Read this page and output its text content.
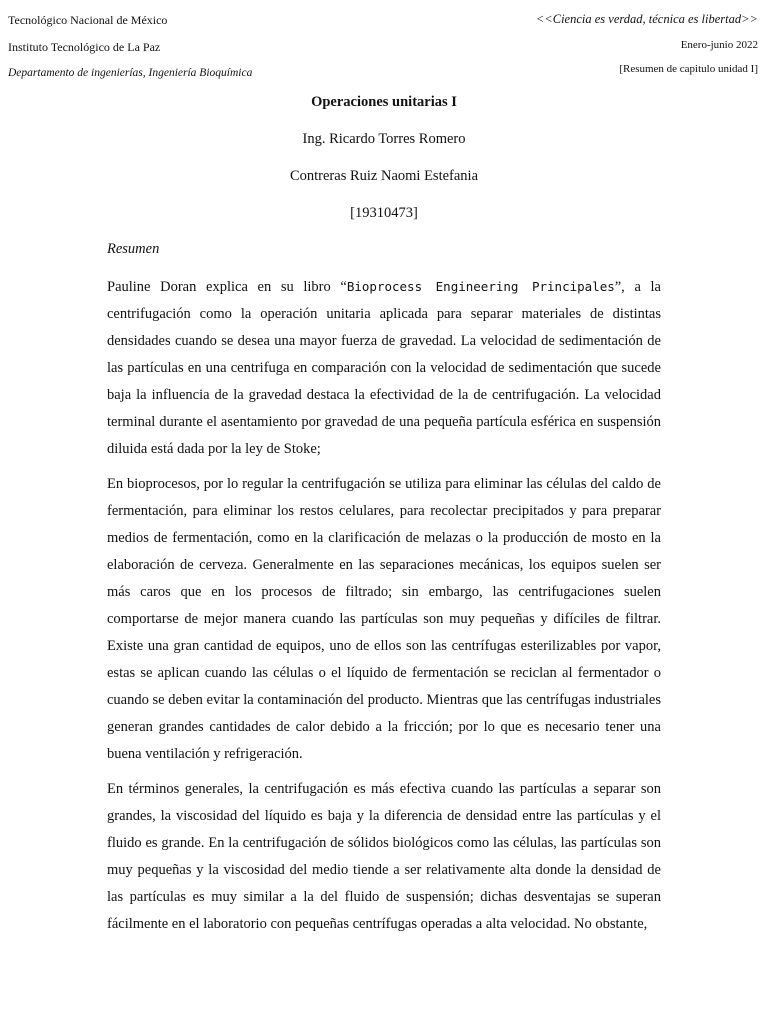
Tecnológico Nacional de México
Instituto Tecnológico de La Paz
Departamento de ingenierías, Ingeniería Bioquímica
<<Ciencia es verdad, técnica es libertad>>
Enero-junio 2022
[Resumen de capitulo unidad I]
Operaciones unitarias I
Ing. Ricardo Torres Romero
Contreras Ruiz Naomi Estefania
[19310473]
Resumen

Pauline Doran explica en su libro “Bioprocess Engineering Principales”, a la centrifugación como la operación unitaria aplicada para separar materiales de distintas densidades cuando se desea una mayor fuerza de gravedad. La velocidad de sedimentación de las partículas en una centrifuga en comparación con la velocidad de sedimentación que sucede baja la influencia de la gravedad destaca la efectividad de la de centrifugación. La velocidad terminal durante el asentamiento por gravedad de una pequeña partícula esférica en suspensión diluida está dada por la ley de Stoke;

En bioprocesos, por lo regular la centrifugación se utiliza para eliminar las células del caldo de fermentación, para eliminar los restos celulares, para recolectar precipitados y para preparar medios de fermentación, como en la clarificación de melazas o la producción de mosto en la elaboración de cerveza. Generalmente en las separaciones mecánicas, los equipos suelen ser más caros que en los procesos de filtrado; sin embargo, las centrifugaciones suelen comportarse de mejor manera cuando las partículas son muy pequeñas y difíciles de filtrar. Existe una gran cantidad de equipos, uno de ellos son las centrífugas esterilizables por vapor, estas se aplican cuando las células o el líquido de fermentación se reciclan al fermentador o cuando se deben evitar la contaminación del producto. Mientras que las centrífugas industriales generan grandes cantidades de calor debido a la fricción; por lo que es necesario tener una buena ventilación y refrigeración.

En términos generales, la centrifugación es más efectiva cuando las partículas a separar son grandes, la viscosidad del líquido es baja y la diferencia de densidad entre las partículas y el fluido es grande. En la centrifugación de sólidos biológicos como las células, las partículas son muy pequeñas y la viscosidad del medio tiende a ser relativamente alta donde la densidad de las partículas es muy similar a la del fluido de suspensión; dichas desventajas se superan fácilmente en el laboratorio con pequeñas centrífugas operadas a alta velocidad. No obstante,
